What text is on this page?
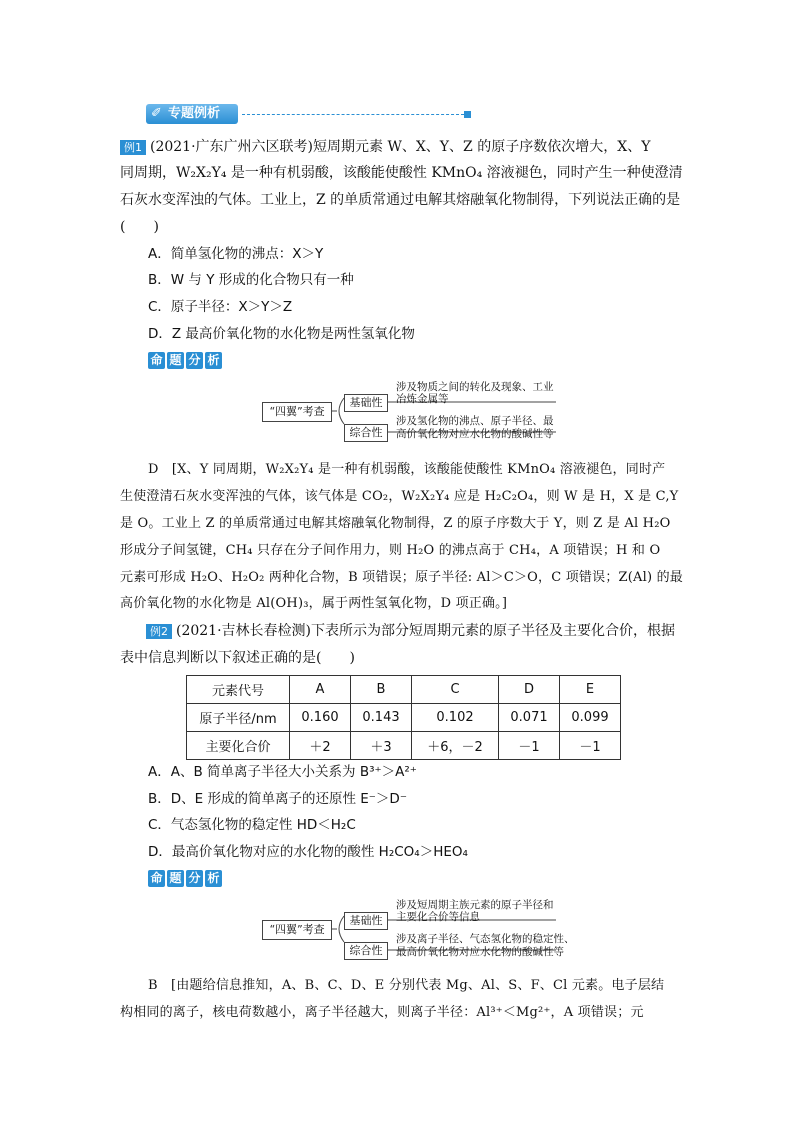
✐ 专题例析
例1 (2021·广东广州六区联考)短周期元素 W、X、Y、Z 的原子序数依次增大，X、Y
同周期，W₂X₂Y₄ 是一种有机弱酸，该酸能使酸性 KMnO₄ 溶液褪色，同时产生一种使澄清
石灰水变浑浊的气体。工业上，Z 的单质常通过电解其熔融氧化物制得，下列说法正确的是
(　　)
A．简单氢化物的沸点：X＞Y
B．W 与 Y 形成的化合物只有一种
C．原子半径：X＞Y＞Z
D．Z 最高价氧化物的水化物是两性氢氧化物
命 题 分 析
“四翼”考查
基础性
综合性
涉及物质之间的转化及现象、工业
冶炼金属等
涉及氢化物的沸点、原子半径、最
高价氧化物对应水化物的酸碱性等
D　[X、Y 同周期，W₂X₂Y₄ 是一种有机弱酸，该酸能使酸性 KMnO₄ 溶液褪色，同时产
生使澄清石灰水变浑浊的气体，该气体是 CO₂，W₂X₂Y₄ 应是 H₂C₂O₄，则 W 是 H，X 是 C,Y
是 O。工业上 Z 的单质常通过电解其熔融氧化物制得，Z 的原子序数大于 Y，则 Z 是 Al H₂O
形成分子间氢键，CH₄ 只存在分子间作用力，则 H₂O 的沸点高于 CH₄，A 项错误；H 和 O
元素可形成 H₂O、H₂O₂ 两种化合物，B 项错误；原子半径: Al＞C＞O，C 项错误；Z(Al) 的最
高价氧化物的水化物是 Al(OH)₃，属于两性氢氧化物，D 项正确。]
例2 (2021·吉林长春检测)下表所示为部分短周期元素的原子半径及主要化合价，根据
表中信息判断以下叙述正确的是(　　)
元素代号	A	B	C	D	E
原子半径/nm	0.160	0.143	0.102	0.071	0.099
主要化合价	＋2	＋3	＋6，－2	－1	－1
A．A、B 简单离子半径大小关系为 B³⁺＞A²⁺
B．D、E 形成的简单离子的还原性 E⁻＞D⁻
C．气态氢化物的稳定性 HD＜H₂C
D．最高价氧化物对应的水化物的酸性 H₂CO₄＞HEO₄
命 题 分 析
“四翼”考查
基础性
综合性
涉及短周期主族元素的原子半径和
主要化合价等信息
涉及离子半径、气态氢化物的稳定性、
最高价氧化物对应水化物的酸碱性等
B　[由题给信息推知，A、B、C、D、E 分别代表 Mg、Al、S、F、Cl 元素。电子层结
构相同的离子，核电荷数越小，离子半径越大，则离子半径：Al³⁺＜Mg²⁺，A 项错误；元
